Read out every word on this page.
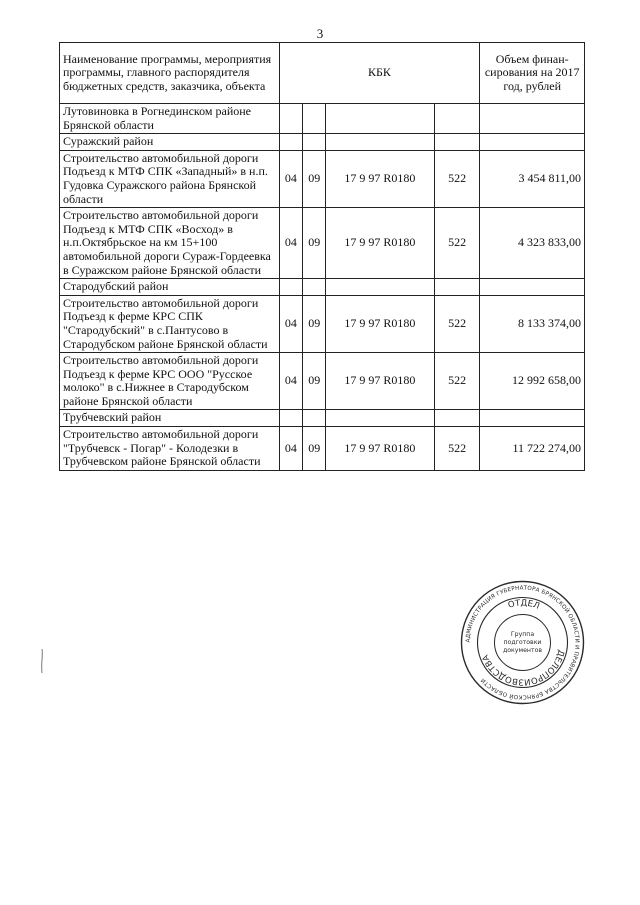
3
Наименование программы, мероприятия программы, главного распорядителя бюджетных средств, заказчика, объекта	КБК				Объем финан-сирования на 2017 год, рублей
Лутовиновка в Рогнединском районе Брянской области					
Суражский район					
Строительство автомобильной дороги Подъезд к МТФ СПК «Западный» в н.п. Гудовка Суражского района Брянской области	04	09	17 9 97 R0180	522	3 454 811,00
Строительство автомобильной дороги Подъезд к МТФ СПК «Восход» в н.п.Октябрьское на км 15+100 автомобильной дороги Сураж-Гордеевка в Суражском районе Брянской области	04	09	17 9 97 R0180	522	4 323 833,00
Стародубский район					
Строительство автомобильной дороги Подъезд к ферме КРС СПК "Стародубский" в с.Пантусово в Стародубском районе Брянской области	04	09	17 9 97 R0180	522	8 133 374,00
Строительство автомобильной дороги Подъезд к ферме КРС ООО "Русское молоко" в с.Нижнее в Стародубском районе Брянской области	04	09	17 9 97 R0180	522	12 992 658,00
Трубчевский район					
Строительство автомобильной дороги "Трубчевск - Погар" - Колодезки в Трубчевском районе Брянской области	04	09	17 9 97 R0180	522	11 722 274,00
АДМИНИСТРАЦИЯ ГУБЕРНАТОРА БРЯНСКОЙ ОБЛАСТИ И ПРАВИТЕЛЬСТВА БРЯНСКОЙ ОБЛАСТИ
ОТДЕЛ
ДЕЛОПРОИЗВОДСТВА
Группа
подготовки
документов
